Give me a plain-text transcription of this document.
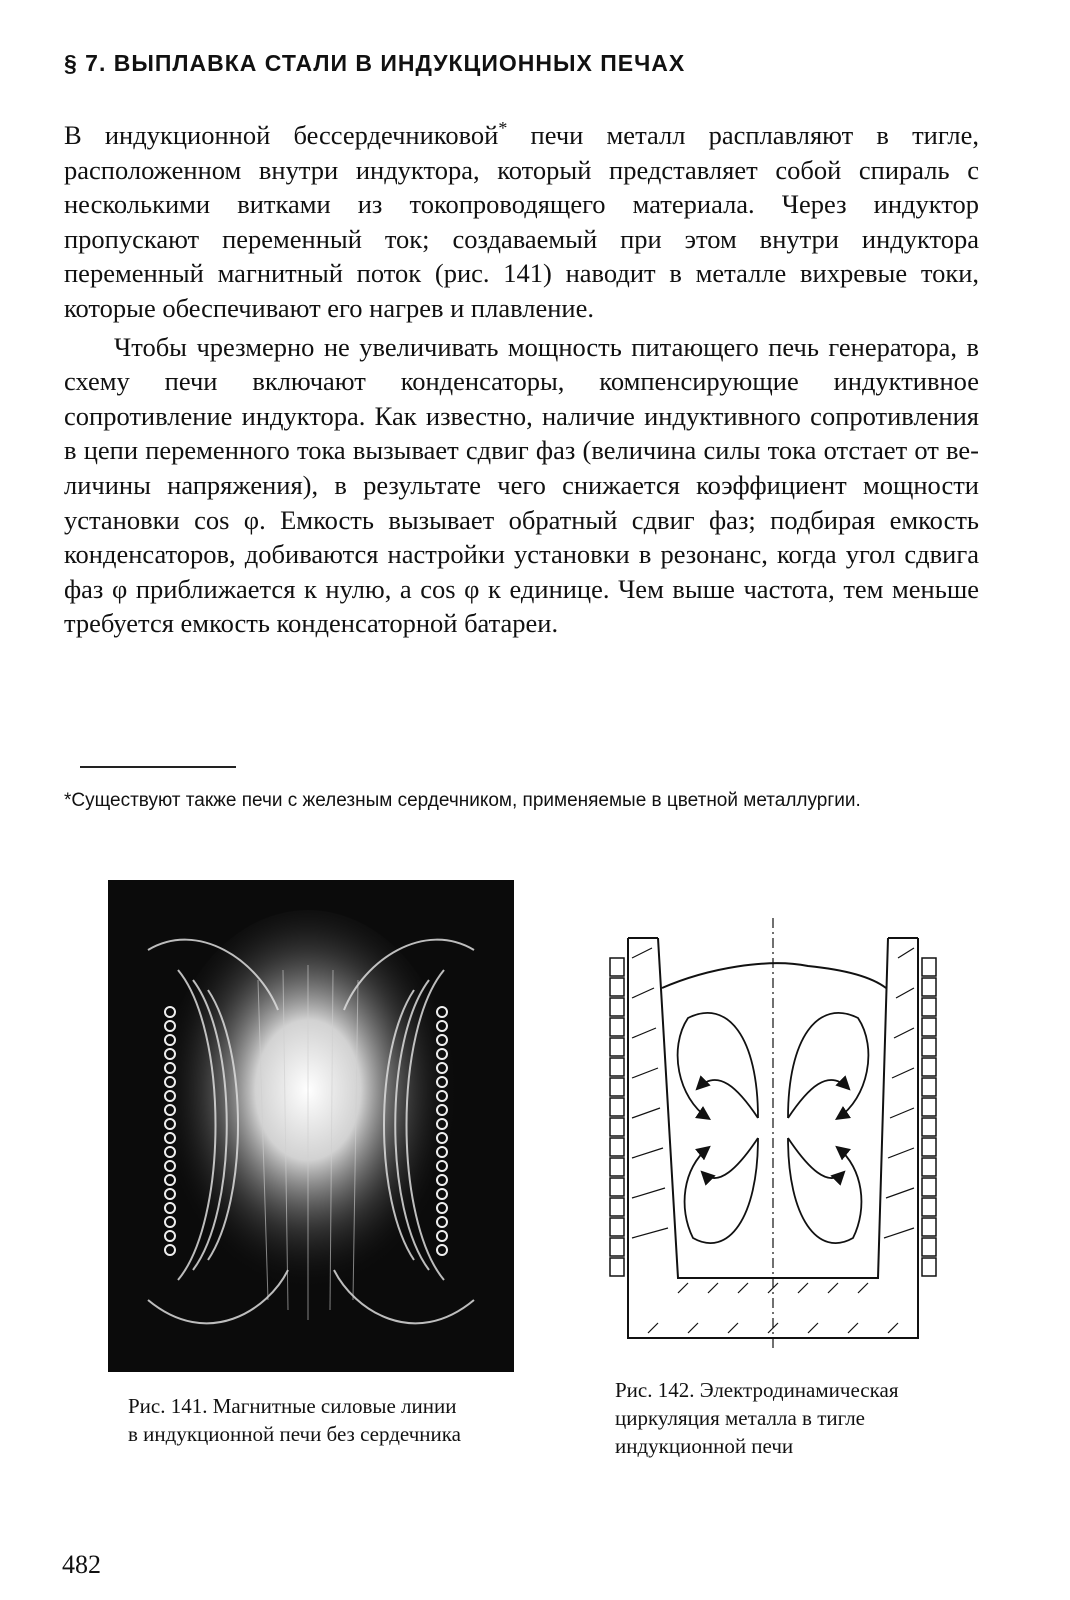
§ 7. ВЫПЛАВКА СТАЛИ В ИНДУКЦИОННЫХ ПЕЧАХ

В индукционной бессердечниковой* печи металл расплавляют в тигле, расположенном внутри индуктора, который представляет собой спираль с несколькими витками из токопроводящего материала. Через индуктор пропускают переменный ток; создаваемый при этом внутри индуктора переменный магнитный поток (рис. 141) наводит в металле вихревые токи, которые обеспечивают его нагрев и плавление.

Чтобы чрезмерно не увеличивать мощность питающего печь генератора, в схему печи включают конденсаторы, компенсирующие индуктивное сопротивление индуктора. Как известно, наличие индуктивного сопротивления в цепи переменного тока вызывает сдвиг фаз (величина силы тока отстает от величины напряжения), в результате чего снижается коэффициент мощности установки cos φ. Емкость вызывает обратный сдвиг фаз; подбирая емкость конденсаторов, добиваются настройки установки в резонанс, когда угол сдвига фаз φ приближается к нулю, а cos φ к единице. Чем выше частота, тем меньше требуется емкость конденсаторной батареи.

*Существуют также печи с железным сердечником, применяемые в цветной металлургии.
Рис. 141. Магнитные силовые линии в индукционной печи без сердечника
Рис. 142. Электродинамическая циркуляция металла в тигле индукционной печи
482
